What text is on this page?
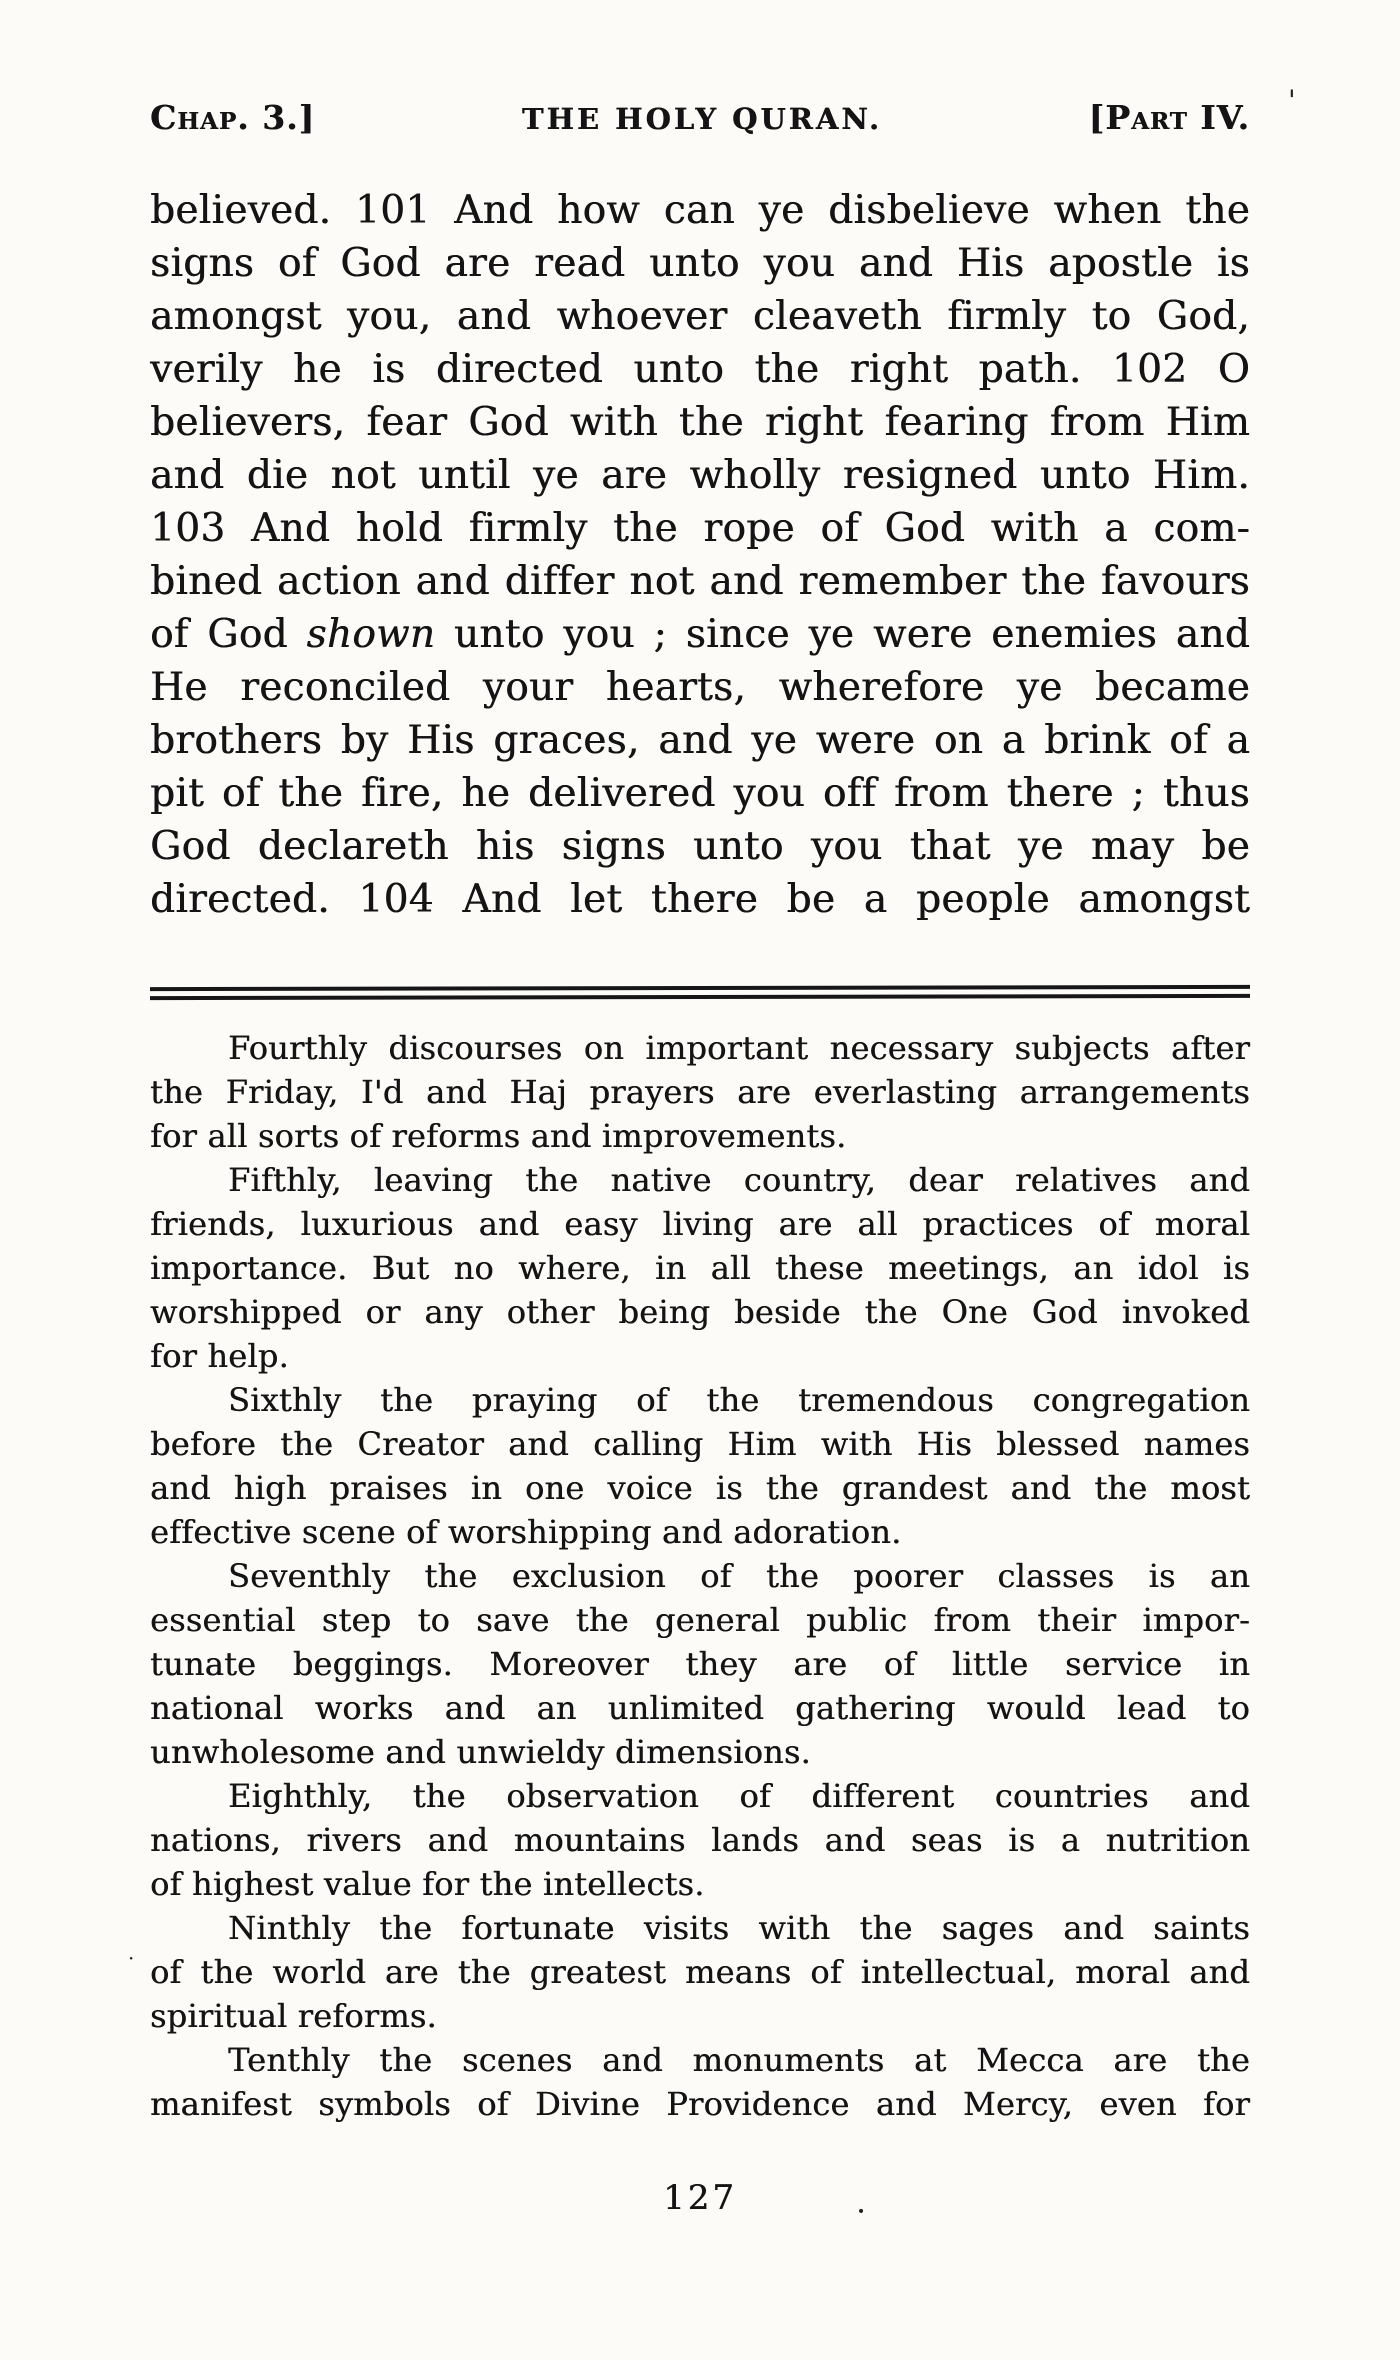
Chap. 3.]	THE HOLY QURAN.	[Part IV.
believed. 101 And how can ye disbelieve when the
signs of God are read unto you and His apostle is
amongst you, and whoever cleaveth firmly to God,
verily he is directed unto the right path. 102 O
believers, fear God with the right fearing from Him
and die not until ye are wholly resigned unto Him.
103 And hold firmly the rope of God with a com-
bined action and differ not and remember the favours
of God shown unto you ; since ye were enemies and
He reconciled your hearts, wherefore ye became
brothers by His graces, and ye were on a brink of a
pit of the fire, he delivered you off from there ; thus
God declareth his signs unto you that ye may be
directed. 104 And let there be a people amongst
Fourthly discourses on important necessary subjects after
the Friday, I'd and Haj prayers are everlasting arrangements
for all sorts of reforms and improvements.
Fifthly, leaving the native country, dear relatives and
friends, luxurious and easy living are all practices of moral
importance. But no where, in all these meetings, an idol is
worshipped or any other being beside the One God invoked
for help.
Sixthly the praying of the tremendous congregation
before the Creator and calling Him with His blessed names
and high praises in one voice is the grandest and the most
effective scene of worshipping and adoration.
Seventhly the exclusion of the poorer classes is an
essential step to save the general public from their impor-
tunate beggings. Moreover they are of little service in
national works and an unlimited gathering would lead to
unwholesome and unwieldy dimensions.
Eighthly, the observation of different countries and
nations, rivers and mountains lands and seas is a nutrition
of highest value for the intellects.
Ninthly the fortunate visits with the sages and saints
of the world are the greatest means of intellectual, moral and
spiritual reforms.
Tenthly the scenes and monuments at Mecca are the
manifest symbols of Divine Providence and Mercy, even for
127
'
·
·
